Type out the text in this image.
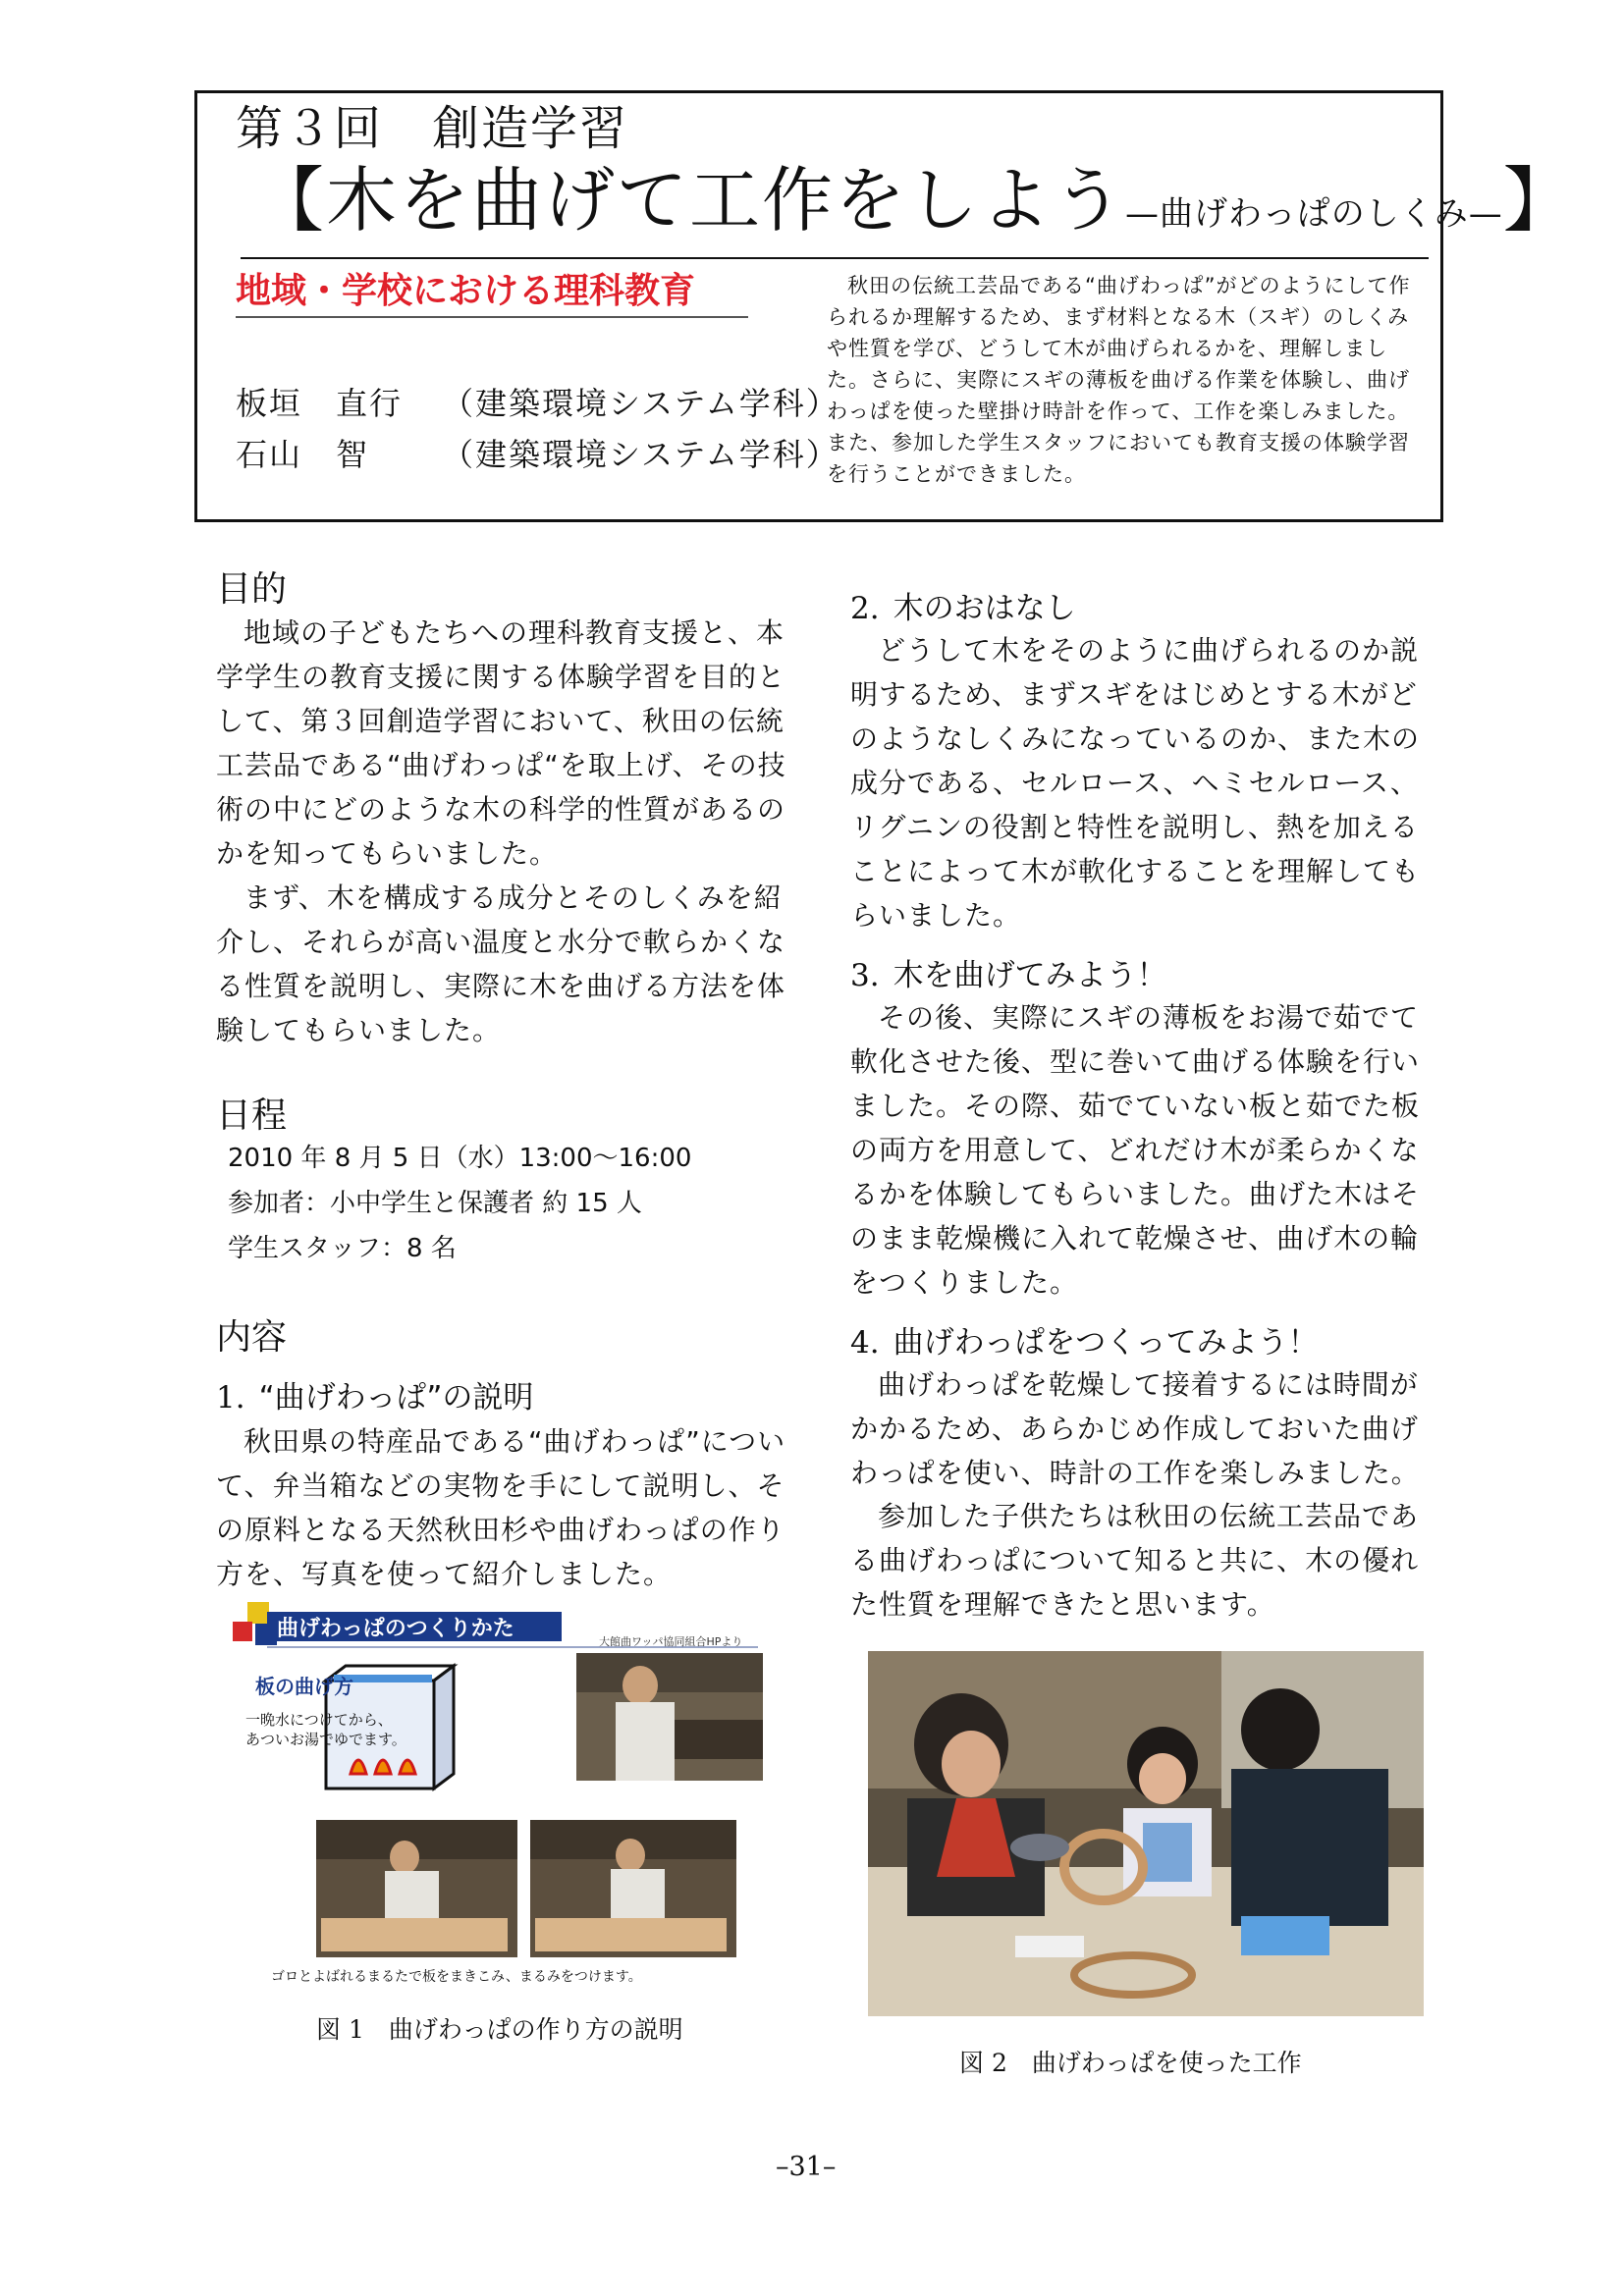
第３回　創造学習
【木を曲げて工作をしよう—曲げわっぱのしくみ—】
地域・学校における理科教育
板垣　直行 （建築環境システム学科）
石山　智 （建築環境システム学科）

秋田の伝統工芸品である“曲げわっぱ”がどのようにして作られるか理解するため、まず材料となる木（スギ）のしくみや性質を学び、どうして木が曲げられるかを、理解しました。さらに、実際にスギの薄板を曲げる作業を体験し、曲げわっぱを使った壁掛け時計を作って、工作を楽しみました。また、参加した学生スタッフにおいても教育支援の体験学習を行うことができました。

目的

地域の子どもたちへの理科教育支援と、本学学生の教育支援に関する体験学習を目的として、第３回創造学習において、秋田の伝統工芸品である“曲げわっぱ“を取上げ、その技術の中にどのような木の科学的性質があるのかを知ってもらいました。

まず、木を構成する成分とそのしくみを紹介し、それらが高い温度と水分で軟らかくなる性質を説明し、実際に木を曲げる方法を体験してもらいました。

日程

2010 年 8 月 5 日（水）13:00〜16:00

参加者：小中学生と保護者 約 15 人

学生スタッフ：8 名

内容
1. “曲げわっぱ”の説明

秋田県の特産品である“曲げわっぱ”について、弁当箱などの実物を手にして説明し、その原料となる天然秋田杉や曲げわっぱの作り方を、写真を使って紹介しました。

曲げわっぱのつくりかた
大館曲ワッパ協同組合HPより
板の曲げ方
一晩水につけてから、
あついお湯でゆでます。
ゴロとよばれるまるたで板をまきこみ、まるみをつけます。
図 1　 曲げわっぱの作り方の説明
2. 木のおはなし

どうして木をそのように曲げられるのか説明するため、まずスギをはじめとする木がどのようなしくみになっているのか、また木の成分である、セルロース、ヘミセルロース、リグニンの役割と特性を説明し、熱を加えることによって木が軟化することを理解してもらいました。

3. 木を曲げてみよう！

その後、実際にスギの薄板をお湯で茹でて軟化させた後、型に巻いて曲げる体験を行いました。その際、茹でていない板と茹でた板の両方を用意して、どれだけ木が柔らかくなるかを体験してもらいました。曲げた木はそのまま乾燥機に入れて乾燥させ、曲げ木の輪をつくりました。

4. 曲げわっぱをつくってみよう！

曲げわっぱを乾燥して接着するには時間がかかるため、あらかじめ作成しておいた曲げわっぱを使い、時計の工作を楽しみました。

参加した子供たちは秋田の伝統工芸品である曲げわっぱについて知ると共に、木の優れた性質を理解できたと思います。

図 2　 曲げわっぱを使った工作
–31–
